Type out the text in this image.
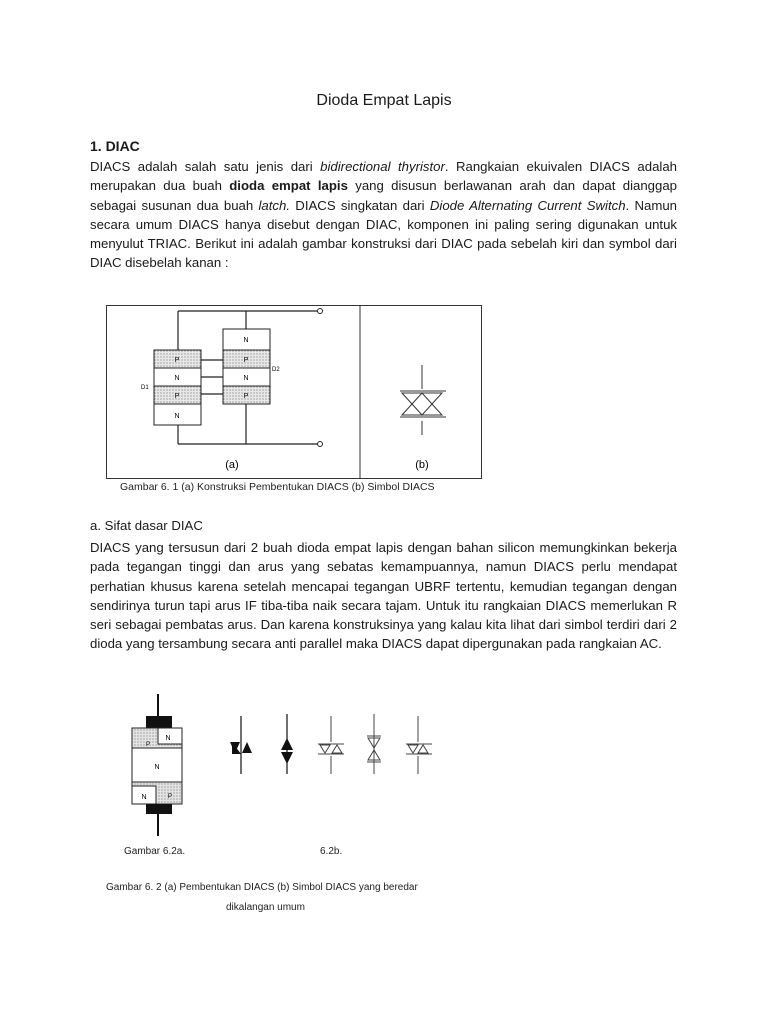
Dioda Empat Lapis
1. DIAC

DIACS adalah salah satu jenis dari bidirectional thyristor. Rangkaian ekuivalen DIACS adalah merupakan dua buah dioda empat lapis yang disusun berlawanan arah dan dapat dianggap sebagai susunan dua buah latch. DIACS singkatan dari Diode Alternating Current Switch. Namun secara umum DIACS hanya disebut dengan DIAC, komponen ini paling sering digunakan untuk menyulut TRIAC. Berikut ini adalah gambar konstruksi dari DIAC pada sebelah kiri dan symbol dari DIAC disebelah kanan :

P
N
P
N
D1
N
P
N
P
D2
(a)	(b)
Gambar 6. 1 (a) Konstruksi Pembentukan DIACS (b) Simbol DIACS
a. Sifat dasar DIAC

DIACS yang tersusun dari 2 buah dioda empat lapis dengan bahan silicon memungkinkan bekerja pada tegangan tinggi dan arus yang sebatas kemampuannya, namun DIACS perlu mendapat perhatian khusus karena setelah mencapai tegangan UBRF tertentu, kemudian tegangan dengan sendirinya turun tapi arus IF tiba-tiba naik secara tajam. Untuk itu rangkaian DIACS memerlukan R seri sebagai pembatas arus. Dan karena konstruksinya yang kalau kita lihat dari simbol terdiri dari 2 dioda yang tersambung secara anti parallel maka DIACS dapat dipergunakan pada rangkaian AC.

N
P
N
N	P
Gambar 6.2a.	6.2b.
Gambar 6. 2 (a) Pembentukan DIACS (b) Simbol DIACS yang beredar
dikalangan umum
